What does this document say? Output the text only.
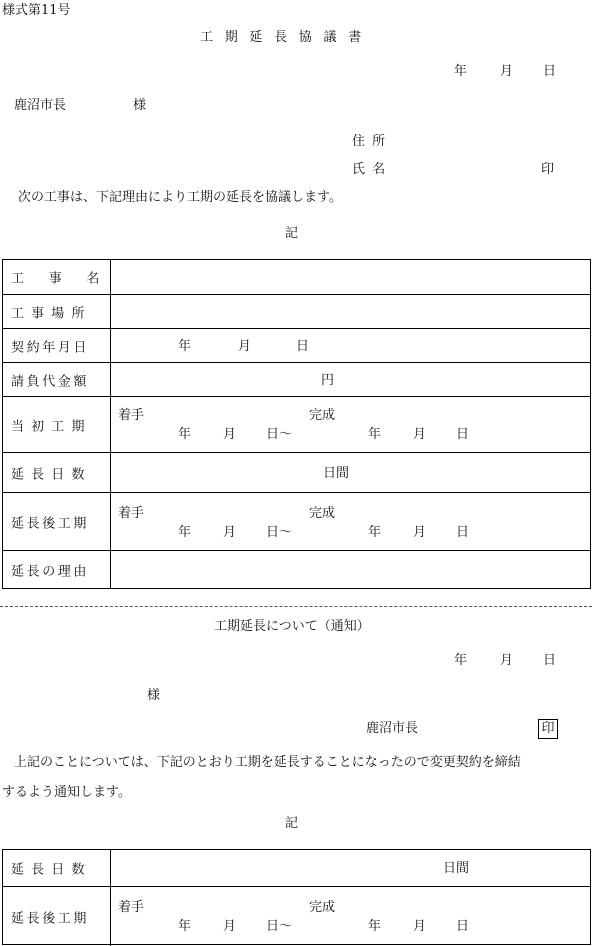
様式第11号
工期延長協議書
年	月 日
鹿沼市長	様
住所
氏名	印
次の工事は、下記理由により工期の延長を協議します。
記
工事名
工事場所
契約年月日	年	月	日
請負代金額	円
当初工期
着手	完成
年 月 日〜	年 月 日
延長日数	日間
延長後工期
着手	完成
年 月 日〜	年 月 日
延長の理由
工期延長について（通知）
年	月 日
様
鹿沼市長	印
上記のことについては、下記のとおり工期を延長することになったので変更契約を締結
するよう通知します。
記
延長日数	日間
延長後工期
着手	完成
年 月 日〜	年 月 日
